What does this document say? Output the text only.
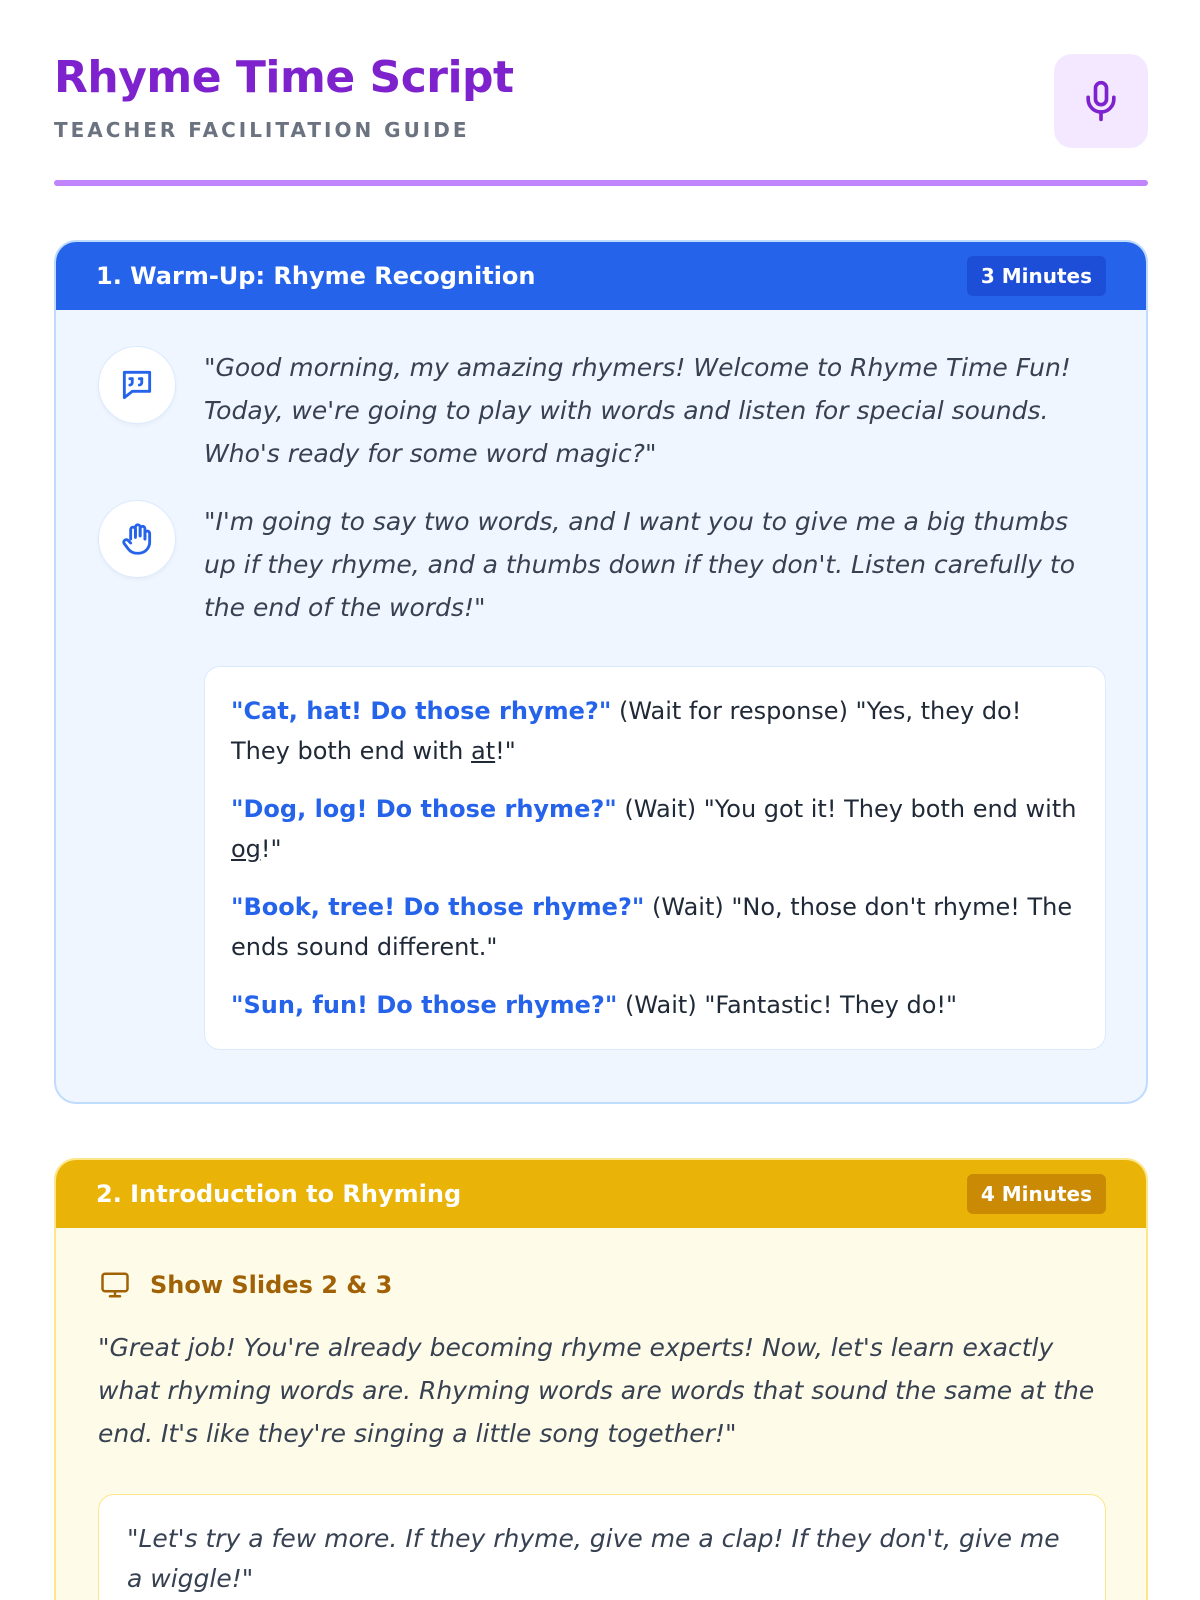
Rhyme Time Script
TEACHER FACILITATION GUIDE
1. Warm-Up: Rhyme Recognition	3 Minutes
"Good morning, my amazing rhymers! Welcome to Rhyme Time Fun! Today, we're going to play with words and listen for special sounds. Who's ready for some word magic?"
"I'm going to say two words, and I want you to give me a big thumbs up if they rhyme, and a thumbs down if they don't. Listen carefully to the end of the words!"
"Cat, hat! Do those rhyme?" (Wait for response) "Yes, they do! They both end with at!"
"Dog, log! Do those rhyme?" (Wait) "You got it! They both end with og!"
"Book, tree! Do those rhyme?" (Wait) "No, those don't rhyme! The ends sound different."
"Sun, fun! Do those rhyme?" (Wait) "Fantastic! They do!"
2. Introduction to Rhyming	4 Minutes
Show Slides 2 & 3
"Great job! You're already becoming rhyme experts! Now, let's learn exactly what rhyming words are. Rhyming words are words that sound the same at the end. It's like they're singing a little song together!"
"Let's try a few more. If they rhyme, give me a clap! If they don't, give me a wiggle!"
